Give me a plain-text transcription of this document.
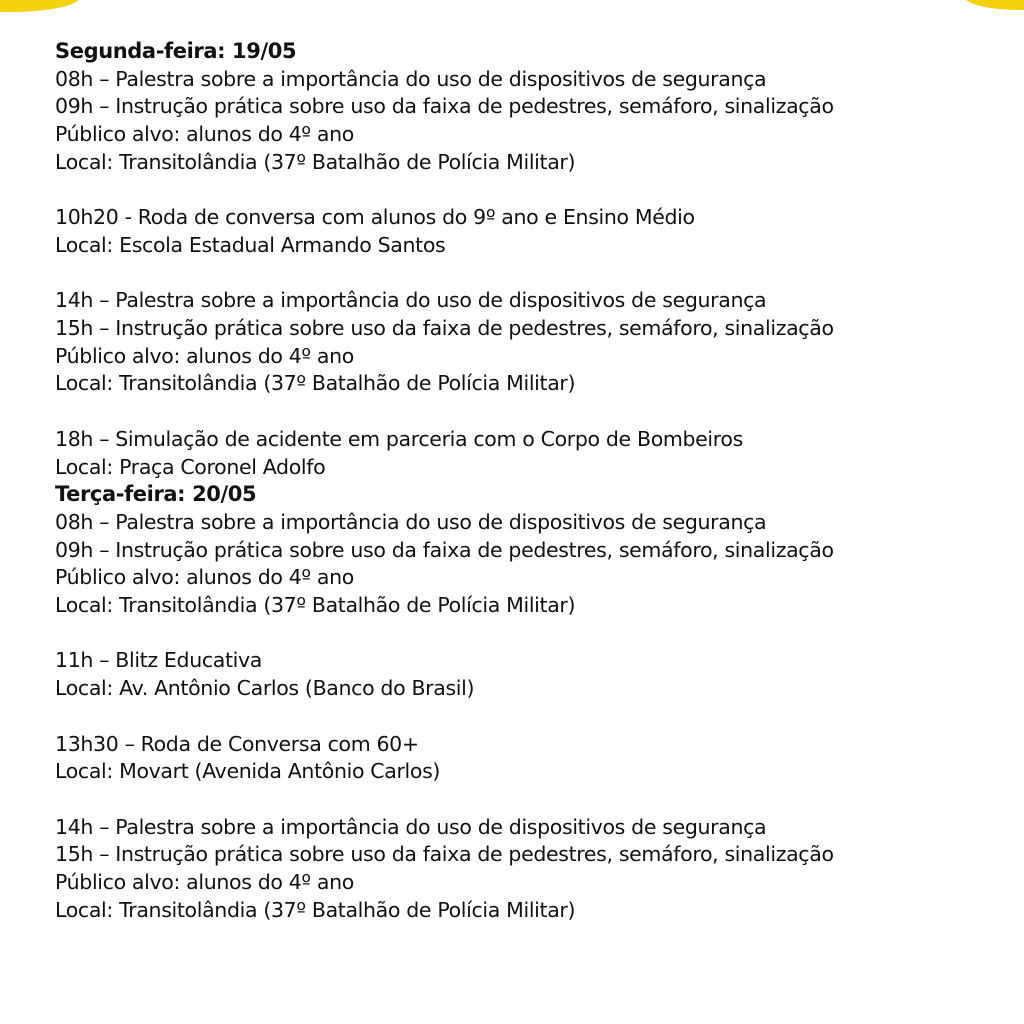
Segunda-feira: 19/05
08h – Palestra sobre a importância do uso de dispositivos de segurança
09h – Instrução prática sobre uso da faixa de pedestres, semáforo, sinalização
Público alvo: alunos do 4º ano
Local: Transitolândia (37º Batalhão de Polícia Militar)
10h20 - Roda de conversa com alunos do 9º ano e Ensino Médio
Local: Escola Estadual Armando Santos
14h – Palestra sobre a importância do uso de dispositivos de segurança
15h – Instrução prática sobre uso da faixa de pedestres, semáforo, sinalização
Público alvo: alunos do 4º ano
Local: Transitolândia (37º Batalhão de Polícia Militar)
18h – Simulação de acidente em parceria com o Corpo de Bombeiros
Local: Praça Coronel Adolfo
Terça-feira: 20/05
08h – Palestra sobre a importância do uso de dispositivos de segurança
09h – Instrução prática sobre uso da faixa de pedestres, semáforo, sinalização
Público alvo: alunos do 4º ano
Local: Transitolândia (37º Batalhão de Polícia Militar)
11h – Blitz Educativa
Local: Av. Antônio Carlos (Banco do Brasil)
13h30 – Roda de Conversa com 60+
Local: Movart (Avenida Antônio Carlos)
14h – Palestra sobre a importância do uso de dispositivos de segurança
15h – Instrução prática sobre uso da faixa de pedestres, semáforo, sinalização
Público alvo: alunos do 4º ano
Local: Transitolândia (37º Batalhão de Polícia Militar)
